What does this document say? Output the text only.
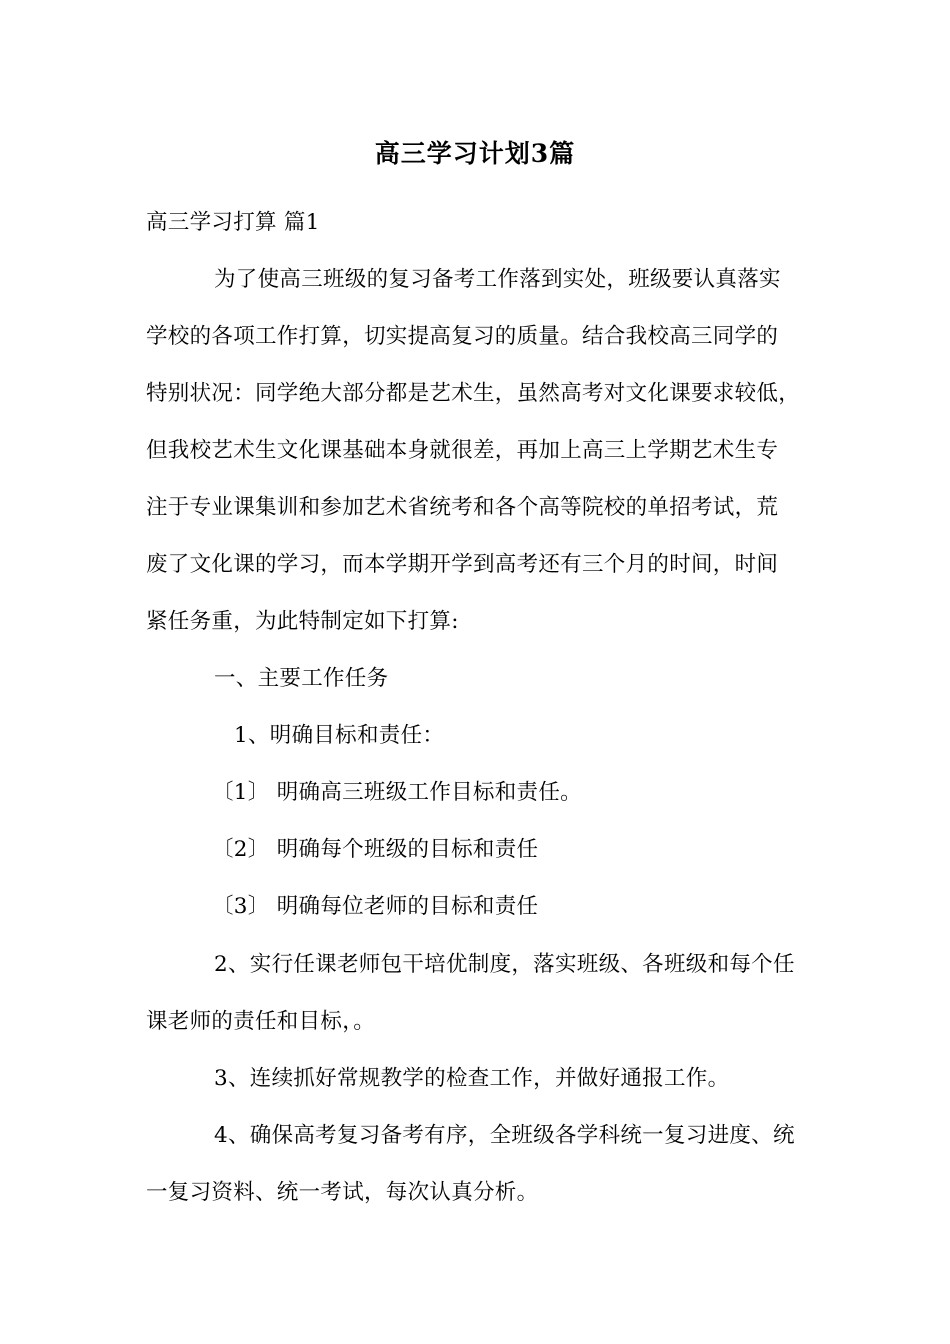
高三学习计划3篇
高三学习打算 篇1
为了使高三班级的复习备考工作落到实处，班级要认真落实
学校的各项工作打算，切实提高复习的质量。结合我校高三同学的
特别状况：同学绝大部分都是艺术生，虽然高考对文化课要求较低，
但我校艺术生文化课基础本身就很差，再加上高三上学期艺术生专
注于专业课集训和参加艺术省统考和各个高等院校的单招考试，荒
废了文化课的学习，而本学期开学到高考还有三个月的时间，时间
紧任务重，为此特制定如下打算:
一、主要工作任务
1、明确目标和责任：
〔1〕 明确高三班级工作目标和责任。
〔2〕 明确每个班级的目标和责任
〔3〕 明确每位老师的目标和责任
2、实行任课老师包干培优制度，落实班级、各班级和每个任
课老师的责任和目标，。
3、连续抓好常规教学的检查工作，并做好通报工作。
4、确保高考复习备考有序，全班级各学科统一复习进度、统
一复习资料、统一考试，每次认真分析。
